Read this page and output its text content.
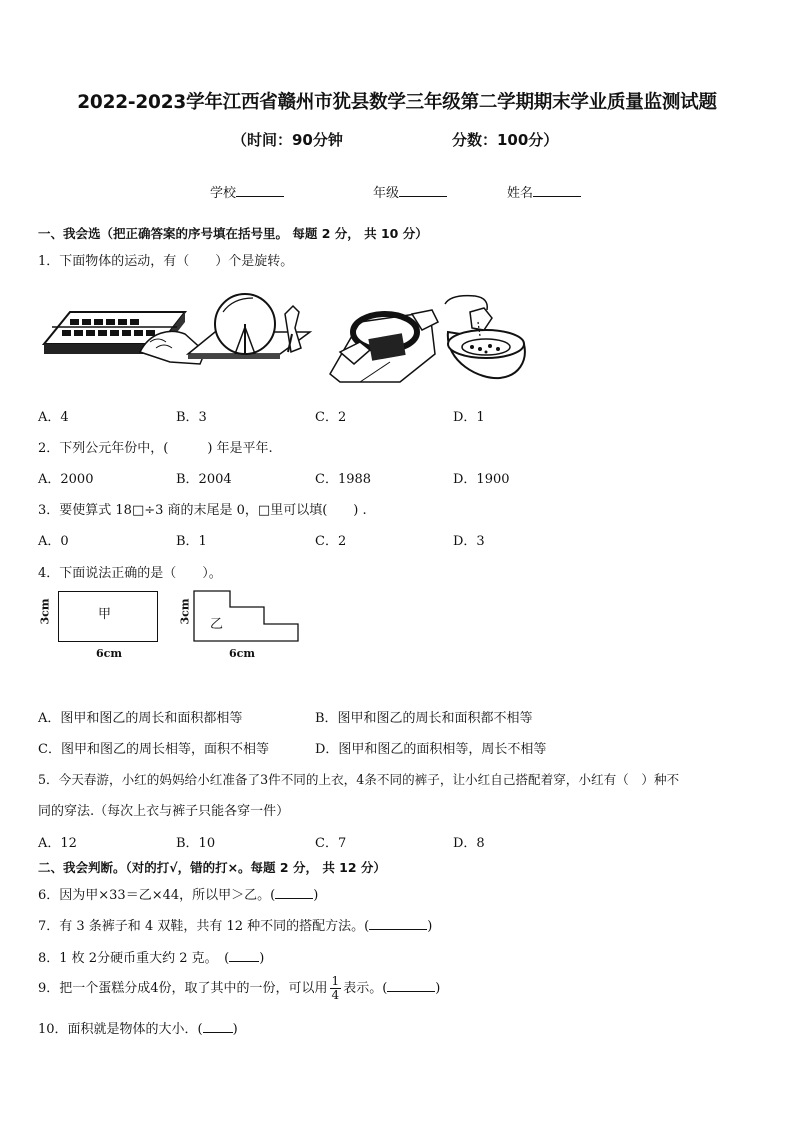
2022-2023学年江西省赣州市犹县数学三年级第二学期期末学业质量监测试题
（时间：90分钟	分数：100分）
学校	年级	姓名
一、我会选（把正确答案的序号填在括号里。 每题 2 分， 共 10 分）
1．下面物体的运动，有（　　）个是旋转。
A．4	B．3	C．2	D．1
2．下列公元年份中，(　　　) 年是平年.
A．2000	B．2004	C．1988	D．1900
3．要使算式 18□÷3 商的末尾是 0，□里可以填(　　) .
A．0	B．1	C．2	D．3
4．下面说法正确的是（　　）。
甲
3cm
6cm
乙
3cm
6cm
A．图甲和图乙的周长和面积都相等	B．图甲和图乙的周长和面积都不相等
C．图甲和图乙的周长相等，面积不相等	D．图甲和图乙的面积相等，周长不相等
5．今天春游，小红的妈妈给小红准备了3件不同的上衣，4条不同的裤子，让小红自己搭配着穿，小红有（　）种不
同的穿法.（每次上衣与裤子只能各穿一件）
A．12	B．10	C．7	D．8
二、我会判断。（对的打√，错的打×。每题 2 分， 共 12 分）
6．因为甲×33＝乙×44，所以甲＞乙。(	)
7．有 3 条裤子和 4 双鞋，共有 12 种不同的搭配方法。(	)
8．1 枚 2分硬币重大约 2 克。　( )
9．把一个蛋糕分成4份，取了其中的一份，可以用 $\frac{1}{4}$ 表示。(	)
10．面积就是物体的大小．( )
